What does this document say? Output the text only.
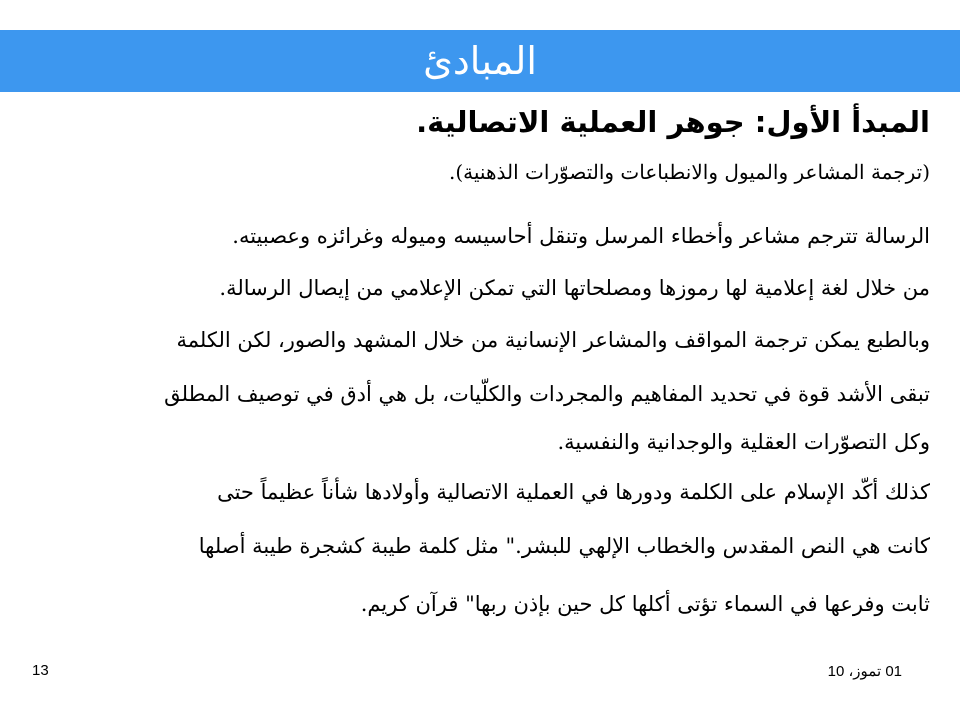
المبادئ
المبدأ الأول: جوهر العملية الاتصالية.
(ترجمة المشاعر والميول والانطباعات والتصوّرات الذهنية).
الرسالة تترجم مشاعر وأخطاء المرسل وتنقل أحاسيسه وميوله وغرائزه وعصبيته.
من خلال لغة إعلامية لها رموزها ومصلحاتها التي تمكن الإعلامي من إيصال الرسالة.
وبالطبع يمكن ترجمة المواقف والمشاعر الإنسانية من خلال المشهد والصور، لكن الكلمة
تبقى الأشد قوة في تحديد المفاهيم والمجردات والكلّيات، بل هي أدق في توصيف المطلق
وكل التصوّرات العقلية والوجدانية والنفسية.
كذلك أكّد الإسلام على الكلمة ودورها في العملية الاتصالية وأولادها شأناً عظيماً حتى
كانت هي النص المقدس والخطاب الإلهي للبشر." مثل كلمة طيبة كشجرة طيبة أصلها
ثابت وفرعها في السماء تؤتى أكلها كل حين بإذن ربها" قرآن كريم.
13	01 تموز، 10
